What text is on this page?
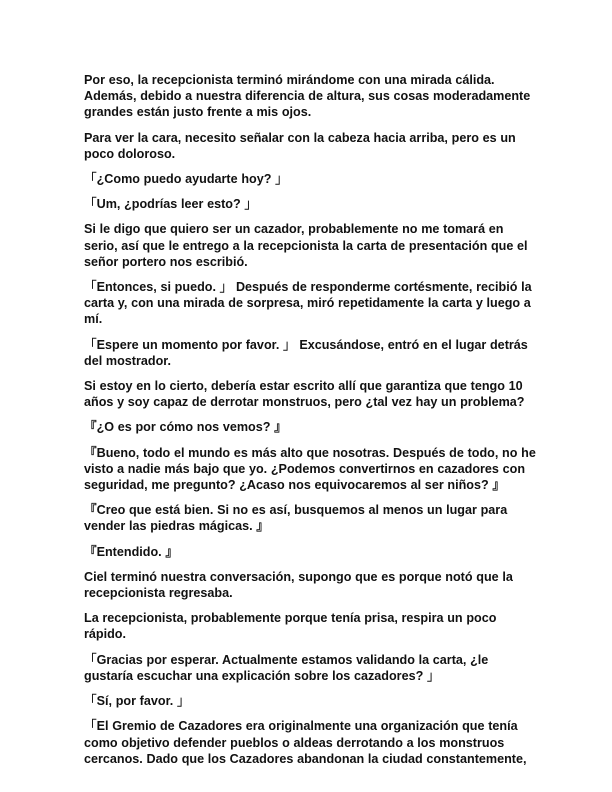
Por eso, la recepcionista terminó mirándome con una mirada cálida. Además, debido a nuestra diferencia de altura, sus cosas moderadamente grandes están justo frente a mis ojos.

Para ver la cara, necesito señalar con la cabeza hacia arriba, pero es un poco doloroso.

「¿Como puedo ayudarte hoy? 」

「Um, ¿podrías leer esto? 」

Si le digo que quiero ser un cazador, probablemente no me tomará en serio, así que le entrego a la recepcionista la carta de presentación que el señor portero nos escribió.

「Entonces, si puedo. 」 Después de responderme cortésmente, recibió la carta y, con una mirada de sorpresa, miró repetidamente la carta y luego a mí.

「Espere un momento por favor. 」 Excusándose, entró en el lugar detrás del mostrador.

Si estoy en lo cierto, debería estar escrito allí que garantiza que tengo 10 años y soy capaz de derrotar monstruos, pero ¿tal vez hay un problema?

『¿O es por cómo nos vemos? 』

『Bueno, todo el mundo es más alto que nosotras. Después de todo, no he visto a nadie más bajo que yo. ¿Podemos convertirnos en cazadores con seguridad, me pregunto? ¿Acaso nos equivocaremos al ser niños? 』

『Creo que está bien. Si no es así, busquemos al menos un lugar para vender las piedras mágicas. 』

『Entendido. 』

Ciel terminó nuestra conversación, supongo que es porque notó que la recepcionista regresaba.

La recepcionista, probablemente porque tenía prisa, respira un poco rápido.

「Gracias por esperar. Actualmente estamos validando la carta, ¿le gustaría escuchar una explicación sobre los cazadores? 」

「Sí, por favor. 」

「El Gremio de Cazadores era originalmente una organización que tenía como objetivo defender pueblos o aldeas derrotando a los monstruos cercanos. Dado que los Cazadores abandonan la ciudad constantemente,
